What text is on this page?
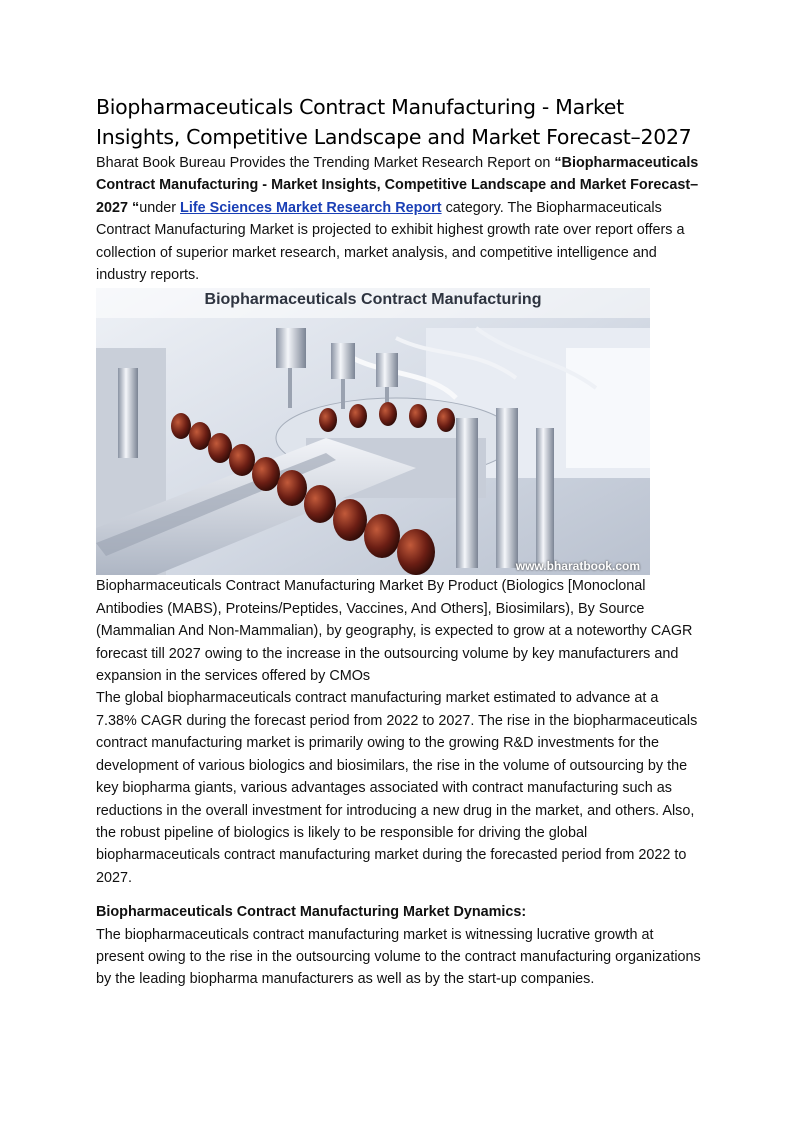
Biopharmaceuticals Contract Manufacturing - Market Insights, Competitive Landscape and Market Forecast–2027

Bharat Book Bureau Provides the Trending Market Research Report on “Biopharmaceuticals Contract Manufacturing - Market Insights, Competitive Landscape and Market Forecast–2027 “under Life Sciences Market Research Report category. The Biopharmaceuticals Contract Manufacturing Market is projected to exhibit highest growth rate over report offers a collection of superior market research, market analysis, and competitive intelligence and industry reports.

Biopharmaceuticals Contract Manufacturing
www.bharatbook.com

Biopharmaceuticals Contract Manufacturing Market By Product (Biologics [Monoclonal Antibodies (MABS), Proteins/Peptides, Vaccines, And Others], Biosimilars), By Source (Mammalian And Non-Mammalian), by geography, is expected to grow at a noteworthy CAGR forecast till 2027 owing to the increase in the outsourcing volume by key manufacturers and expansion in the services offered by CMOs

The global biopharmaceuticals contract manufacturing market estimated to advance at a 7.38% CAGR during the forecast period from 2022 to 2027. The rise in the biopharmaceuticals contract manufacturing market is primarily owing to the growing R&D investments for the development of various biologics and biosimilars, the rise in the volume of outsourcing by the key biopharma giants, various advantages associated with contract manufacturing such as reductions in the overall investment for introducing a new drug in the market, and others. Also, the robust pipeline of biologics is likely to be responsible for driving the global biopharmaceuticals contract manufacturing market during the forecasted period from 2022 to 2027.

Biopharmaceuticals Contract Manufacturing Market Dynamics:

The biopharmaceuticals contract manufacturing market is witnessing lucrative growth at present owing to the rise in the outsourcing volume to the contract manufacturing organizations by the leading biopharma manufacturers as well as by the start-up companies.
